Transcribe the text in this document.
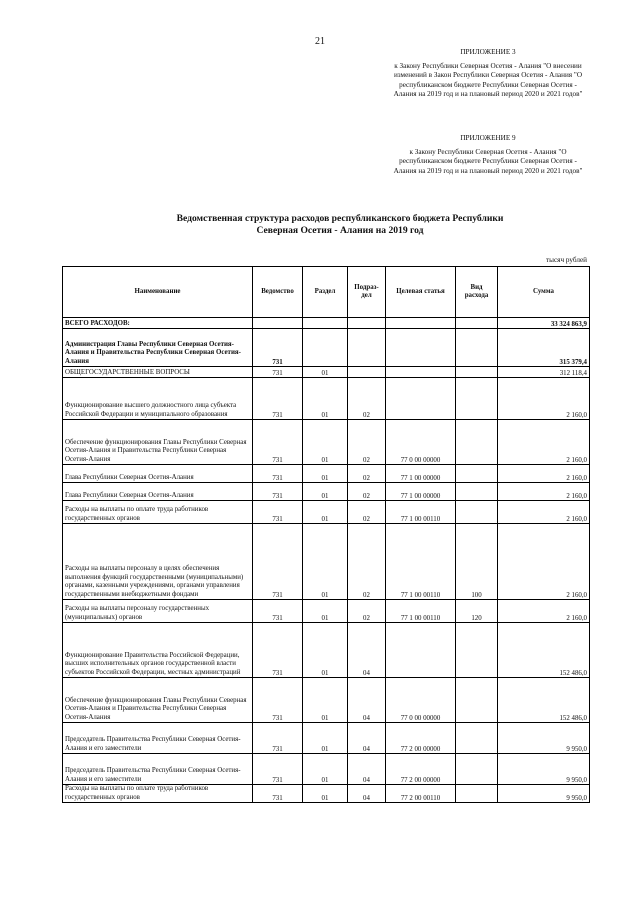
21
ПРИЛОЖЕНИЕ 3
к Закону Республики Северная Осетия - Алания "О внесении изменений в Закон Республики Северная Осетия - Алания "О республиканском бюджете Республики Северная Осетия - Алания на 2019 год и на плановый период 2020 и 2021 годов"
ПРИЛОЖЕНИЕ 9
к Закону Республики Северная Осетия - Алания "О республиканском бюджете Республики Северная Осетия - Алания на 2019 год и на плановый период 2020 и 2021 годов"
Ведомственная структура расходов республиканского бюджета Республики
Северная Осетия - Алания на 2019 год
тысяч рублей
Наименование	Ведомство	Раздел	Подраз-дел	Целевая статья	Вид расхода	Сумма
ВСЕГО РАСХОДОВ:						33 324 863,9
Администрация Главы Республики Северная Осетия-Алания и Правительства Республики Северная Осетия-Алания	731					315 379,4
ОБЩЕГОСУДАРСТВЕННЫЕ ВОПРОСЫ	731	01				312 118,4
Функционирование высшего должностного лица субъекта Российской Федерации и муниципального образования	731	01	02			2 160,0
Обеспечение функционирования Главы Республики Северная Осетия-Алания и Правительства Республики Северная Осетия-Алания	731	01	02	77 0 00 00000		2 160,0
Глава Республики Северная Осетия-Алания	731	01	02	77 1 00 00000		2 160,0
Глава Республики Северная Осетия-Алания	731	01	02	77 1 00 00000		2 160,0
Расходы на выплаты по оплате труда работников государственных органов	731	01	02	77 1 00 00110		2 160,0
Расходы на выплаты персоналу в целях обеспечения выполнения функций государственными (муниципальными) органами, казенными учреждениями, органами управления государственными внебюджетными фондами	731	01	02	77 1 00 00110	100	2 160,0
Расходы на выплаты персоналу государственных (муниципальных) органов	731	01	02	77 1 00 00110	120	2 160,0
Функционирование Правительства Российской Федерации, высших исполнительных органов государственной власти субъектов Российской Федерации, местных администраций	731	01	04			152 486,0
Обеспечение функционирования Главы Республики Северная Осетия-Алания и Правительства Республики Северная Осетия-Алания	731	01	04	77 0 00 00000		152 486,0
Председатель Правительства Республики Северная Осетия-Алания и его заместители	731	01	04	77 2 00 00000		9 950,0
Председатель Правительства Республики Северная Осетия-Алания и его заместители	731	01	04	77 2 00 00000		9 950,0
Расходы на выплаты по оплате труда работников государственных органов	731	01	04	77 2 00 00110		9 950,0
